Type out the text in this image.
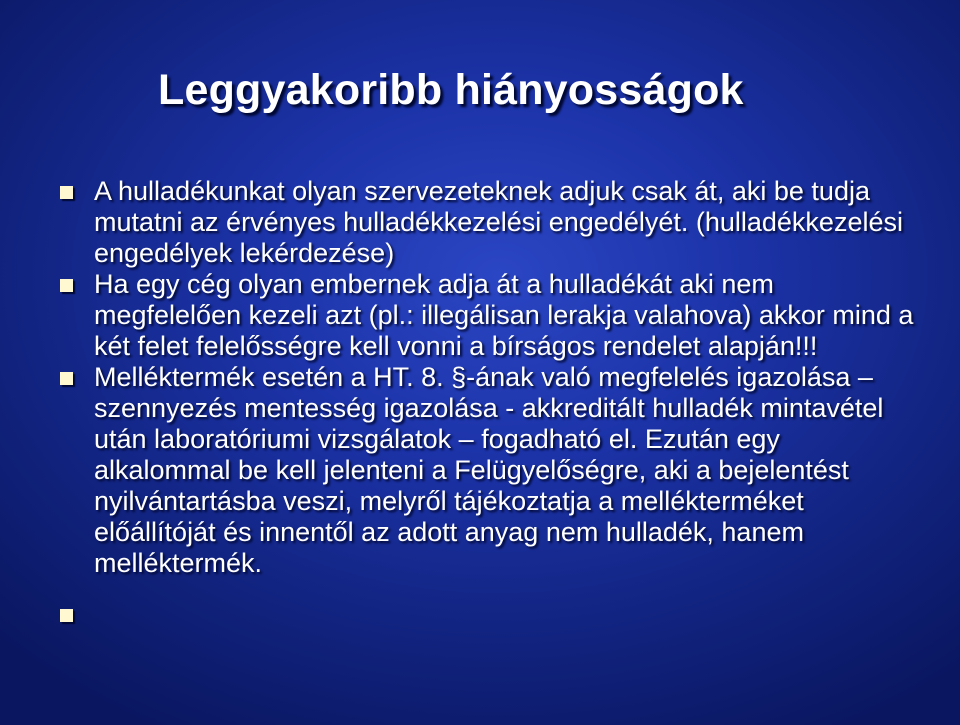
Leggyakoribb hiányosságok
A hulladékunkat olyan szervezeteknek adjuk csak át, aki be tudja mutatni az érvényes hulladékkezelési engedélyét. (hulladékkezelési engedélyek lekérdezése)
Ha egy cég olyan embernek adja át a hulladékát aki nem megfelelően kezeli azt (pl.: illegálisan lerakja valahova) akkor mind a két felet felelősségre kell vonni a bírságos rendelet alapján!!!
Melléktermék esetén a HT. 8. §-ának való megfelelés igazolása – szennyezés mentesség igazolása - akkreditált hulladék mintavétel után laboratóriumi vizsgálatok – fogadható el. Ezután egy alkalommal be kell jelenteni a Felügyelőségre, aki a bejelentést nyilvántartásba veszi, melyről tájékoztatja a mellékterméket előállítóját és innentől az adott anyag nem hulladék, hanem melléktermék.
